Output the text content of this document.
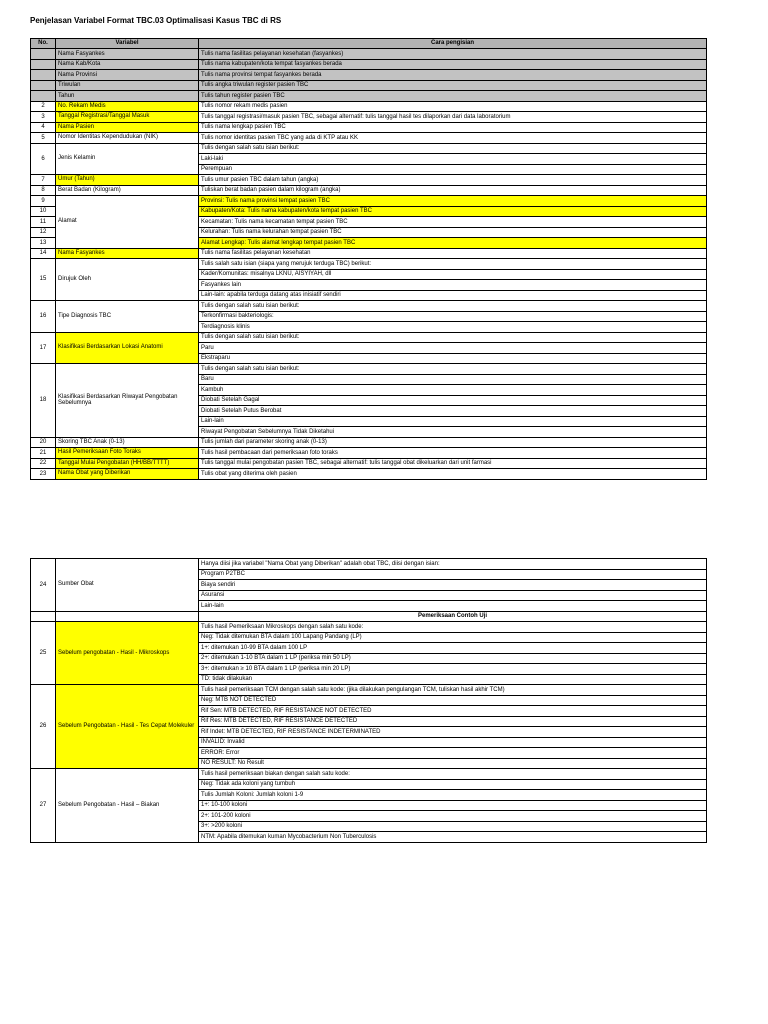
Penjelasan Variabel Format TBC.03 Optimalisasi Kasus TBC di RS
No.	Variabel	Cara pengisian
	Nama Fasyankes	Tulis nama fasilitas pelayanan kesehatan (fasyankes)
	Nama Kab/Kota	Tulis nama kabupaten/kota tempat fasyankes berada
	Nama Provinsi	Tulis nama provinsi tempat fasyankes berada
	Triwulan	Tulis angka triwulan register pasien TBC
	Tahun	Tulis tahun register pasien TBC
2	No. Rekam Medis	Tulis nomor rekam medis pasien
3	Tanggal Registrasi/Tanggal Masuk	Tulis tanggal registrasi/masuk pasien TBC, sebagai alternatif: tulis tanggal hasil tes dilaporkan dari data laboratorium
4	Nama Pasien	Tulis nama lengkap pasien TBC
5	Nomor Identitas Kependudukan (NIK)	Tulis nomor identitas pasien TBC yang ada di KTP atau KK
6	Jenis Kelamin	Tulis dengan salah satu isian berikut:
		Laki-laki
		Perempuan
7	Umur (Tahun)	Tulis umur pasien TBC dalam tahun (angka)
8	Berat Badan (Kilogram)	Tuliskan berat badan pasien dalam kilogram (angka)
9	Alamat	Provinsi: Tulis nama provinsi tempat pasien TBC
10		Kabupaten/Kota: Tulis nama kabupaten/kota tempat pasien TBC
11		Kecamatan: Tulis nama kecamatan tempat pasien TBC
12		Kelurahan: Tulis nama kelurahan tempat pasien TBC
13		Alamat Lengkap: Tulis alamat lengkap tempat pasien TBC
14	Nama Fasyankes	Tulis nama fasilitas pelayanan kesehatan
15	Dirujuk Oleh	Tulis salah satu isian (siapa yang merujuk terduga TBC) berikut:
		Kader/Komunitas: misalnya LKNU, AISYIYAH, dll
		Fasyankes lain
		Lain-lain: apabila terduga datang atas inisiatif sendiri
16	Tipe Diagnosis TBC	Tulis dengan salah satu isian berikut:
		Terkonfirmasi bakteriologis:
		Terdiagnosis klinis
17	Klasifikasi Berdasarkan Lokasi Anatomi	Tulis dengan salah satu isian berikut:
		Paru
		Ekstraparu
18	Klasifikasi Berdasarkan Riwayat Pengobatan Sebelumnya	Tulis dengan salah satu isian berikut:
		Baru
		Kambuh
		Diobati Setelah Gagal
		Diobati Setelah Putus Berobat
		Lain-lain
		Riwayat Pengobatan Sebelumnya Tidak Diketahui
20	Skoring TBC Anak (0-13)	Tulis jumlah dari parameter skoring anak (0-13)
21	Hasil Pemeriksaan Foto Toraks	Tulis hasil pembacaan dari pemeriksaan foto toraks
22	Tanggal Mulai Pengobatan (HH/BB/TTTT)	Tulis tanggal mulai pengobatan pasien TBC, sebagai alternatif: tulis tanggal obat dikeluarkan dari unit farmasi
23	Nama Obat yang Diberikan	Tulis obat yang diterima oleh pasien
24	Sumber Obat	Hanya diisi jika variabel "Nama Obat yang Diberikan" adalah obat TBC, diisi dengan isian:
		Program P2TBC
		Biaya sendiri
		Asuransi
		Lain-lain
		Pemeriksaan Contoh Uji
25	Sebelum pengobatan - Hasil - Mikroskops	Tulis hasil Pemeriksaan Mikroskops dengan salah satu kode:
		Neg: Tidak ditemukan BTA dalam 100 Lapang Pandang (LP)
		1+: ditemukan 10-99 BTA dalam 100 LP
		2+: ditemukan 1-10 BTA dalam 1 LP (periksa min 50 LP)
		3+: ditemukan ≥ 10 BTA dalam 1 LP (periksa min 20 LP)
		TD: tidak dilakukan
26	Sebelum Pengobatan - Hasil - Tes Cepat Molekuler	Tulis hasil pemeriksaan TCM dengan salah satu kode: (jika dilakukan pengulangan TCM, tuliskan hasil akhir TCM)
		Neg: MTB NOT DETECTED
		Rif Sen: MTB DETECTED, RIF RESISTANCE NOT DETECTED
		Rif Res: MTB DETECTED, RIF RESISTANCE DETECTED
		Rif Indet: MTB DETECTED, RIF RESISTANCE INDETERMINATED
		INVALID: Invalid
		ERROR: Error
		NO RESULT: No Result
27	Sebelum Pengobatan - Hasil – Biakan	Tulis hasil pemeriksaan biakan dengan salah satu kode:
		Neg: Tidak ada koloni yang tumbuh
		Tulis Jumlah Koloni: Jumlah koloni 1-9
		1+: 10-100 koloni
		2+: 101-200 koloni
		3+: >200 koloni
		NTM: Apabila ditemukan kuman Mycobacterium Non Tuberculosis
